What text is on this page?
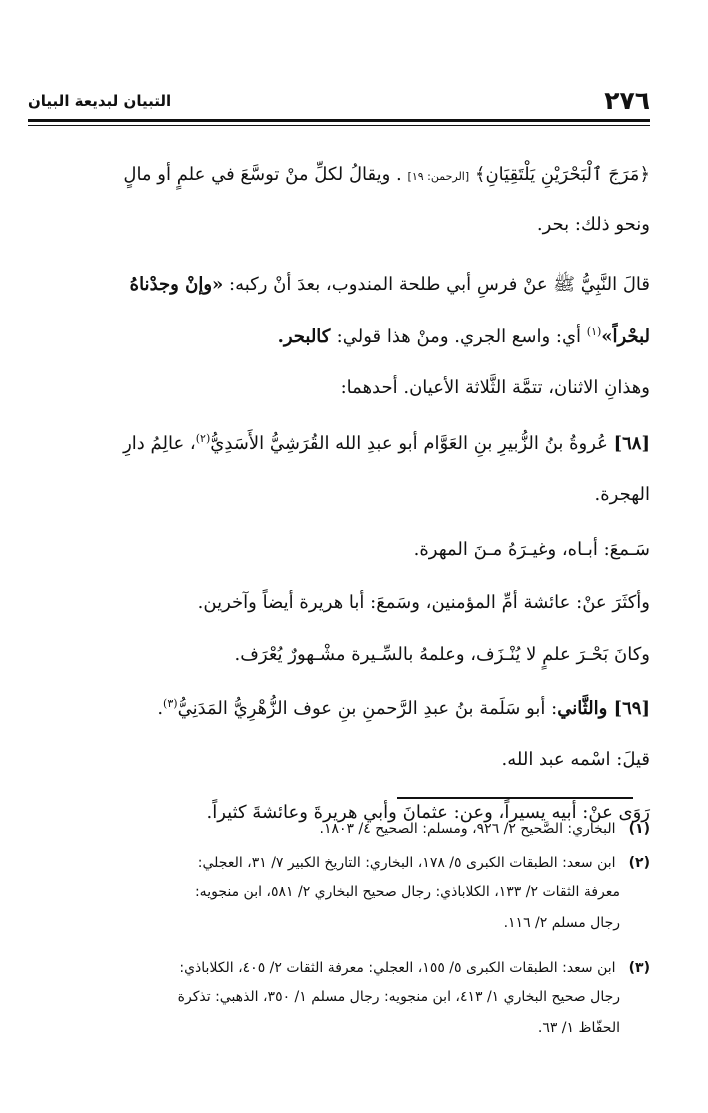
٢٧٦
التبيان لبديعة البيان
﴿مَرَجَ ٱلْبَحْرَيْنِ يَلْتَقِيَانِ﴾ [الرحمن: ١٩] . ويقالُ لكلِّ منْ توسَّعَ في علمٍ أو مالٍ
ونحو ذلك: بحر.
قالَ النَّبِيُّ ﷺ عنْ فرسِ أبي طلحة المندوب، بعدَ أنْ ركبه: «وإنْ وجدْناهُ
لبحْراً»$^{(١)}$ أي: واسع الجري. ومنْ هذا قولي: كالبحر.
وهذانِ الاثنان، تتمَّة الثَّلاثة الأعيان. أحدهما:
[٦٨] عُروةُ بنُ الزُّبيرِ بنِ العَوَّام أبو عبدِ الله القُرَشِيُّ الأَسَدِيُّ$^{(٢)}$، عالِمُ دارِ
الهجرة.
سَـمعَ: أبـاه، وغيـرَهُ مـنَ المهرة.
وأكثَرَ عنْ: عائشة أمِّ المؤمنين، وسَمعَ: أبا هريرة أيضاً وآخرين.
وكانَ بَحْـرَ علمٍ لا يُنْـزَف، وعلمهُ بالسِّـيرة مشْـهورٌ يُعْرَف.
[٦٩] والثَّاني: أبو سَلَمة بنُ عبدِ الرَّحمنِ بنِ عوف الزُّهْرِيُّ المَدَنِيُّ$^{(٣)}$.
قيلَ: اسْمه عبد الله.
رَوَى عنْ: أبيه يسيراً، وعن: عثمانَ وأبي هريرةَ وعائشةَ كثيراً.
(١) البخاري: الصَّحيح ٢/ ٩٢٦، ومسلم: الصحيح ٤/ ١٨٠٣.
(٢) ابن سعد: الطبقات الكبرى ٥/ ١٧٨، البخاري: التاريخ الكبير ٧/ ٣١، العجلي:
معرفة الثقات ٢/ ١٣٣، الكلاباذي: رجال صحيح البخاري ٢/ ٥٨١، ابن منجويه:
رجال مسلم ٢/ ١١٦.
(٣) ابن سعد: الطبقات الكبرى ٥/ ١٥٥، العجلي: معرفة الثقات ٢/ ٤٠٥، الكلاباذي:
رجال صحيح البخاري ١/ ٤١٣، ابن منجويه: رجال مسلم ١/ ٣٥٠، الذهبي: تذكرة
الحفّاظ ١/ ٦٣.
